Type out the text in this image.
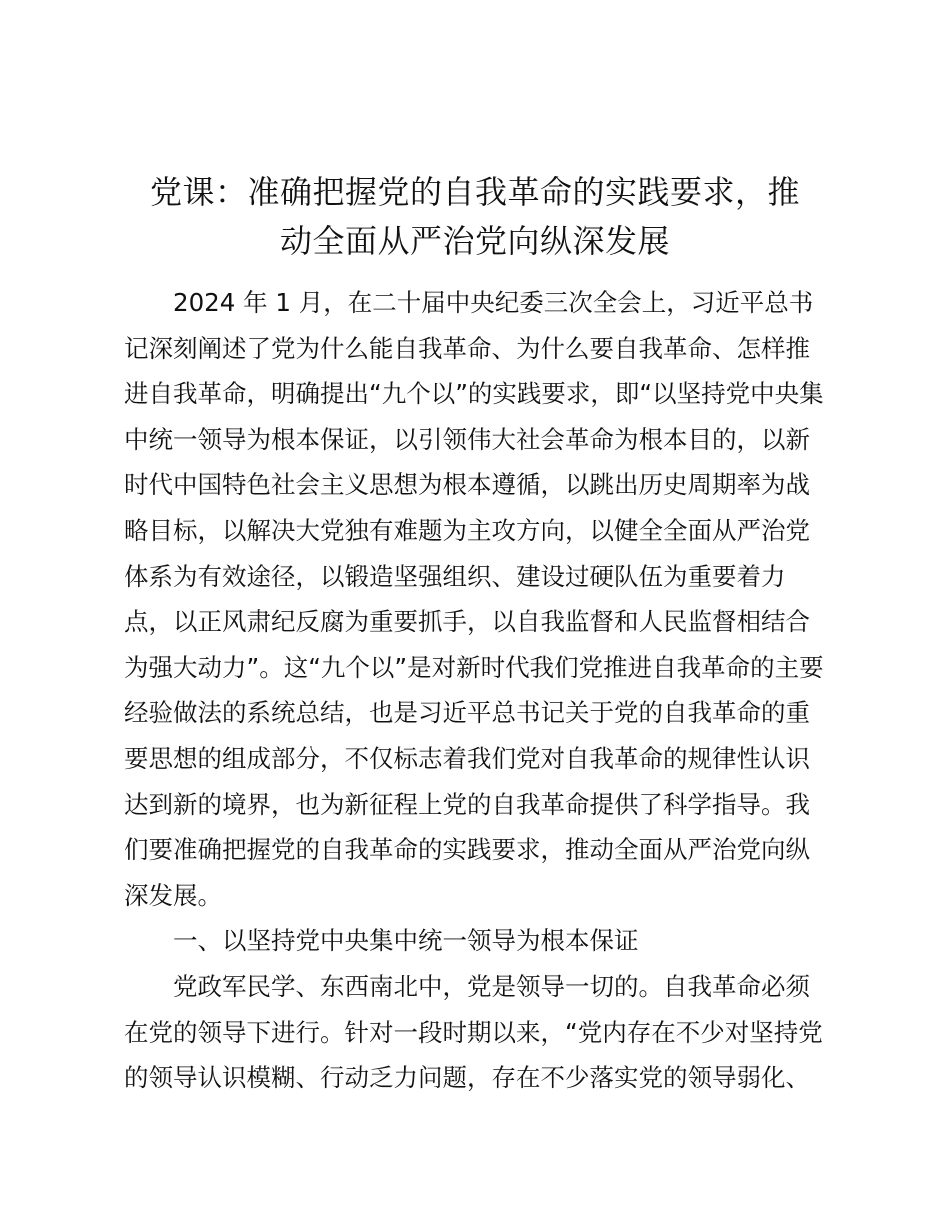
党课：准确把握党的自我革命的实践要求，推
动全面从严治党向纵深发展
2024 年 1 月，在二十届中央纪委三次全会上，习近平总书
记深刻阐述了党为什么能自我革命、为什么要自我革命、怎样推
进自我革命，明确提出“九个以”的实践要求，即“以坚持党中央集
中统一领导为根本保证，以引领伟大社会革命为根本目的，以新
时代中国特色社会主义思想为根本遵循，以跳出历史周期率为战
略目标，以解决大党独有难题为主攻方向，以健全全面从严治党
体系为有效途径，以锻造坚强组织、建设过硬队伍为重要着力
点，以正风肃纪反腐为重要抓手，以自我监督和人民监督相结合
为强大动力”。这“九个以”是对新时代我们党推进自我革命的主要
经验做法的系统总结，也是习近平总书记关于党的自我革命的重
要思想的组成部分，不仅标志着我们党对自我革命的规律性认识
达到新的境界，也为新征程上党的自我革命提供了科学指导。我
们要准确把握党的自我革命的实践要求，推动全面从严治党向纵
深发展。
一、以坚持党中央集中统一领导为根本保证
党政军民学、东西南北中，党是领导一切的。自我革命必须
在党的领导下进行。针对一段时期以来，“党内存在不少对坚持党
的领导认识模糊、行动乏力问题，存在不少落实党的领导弱化、
